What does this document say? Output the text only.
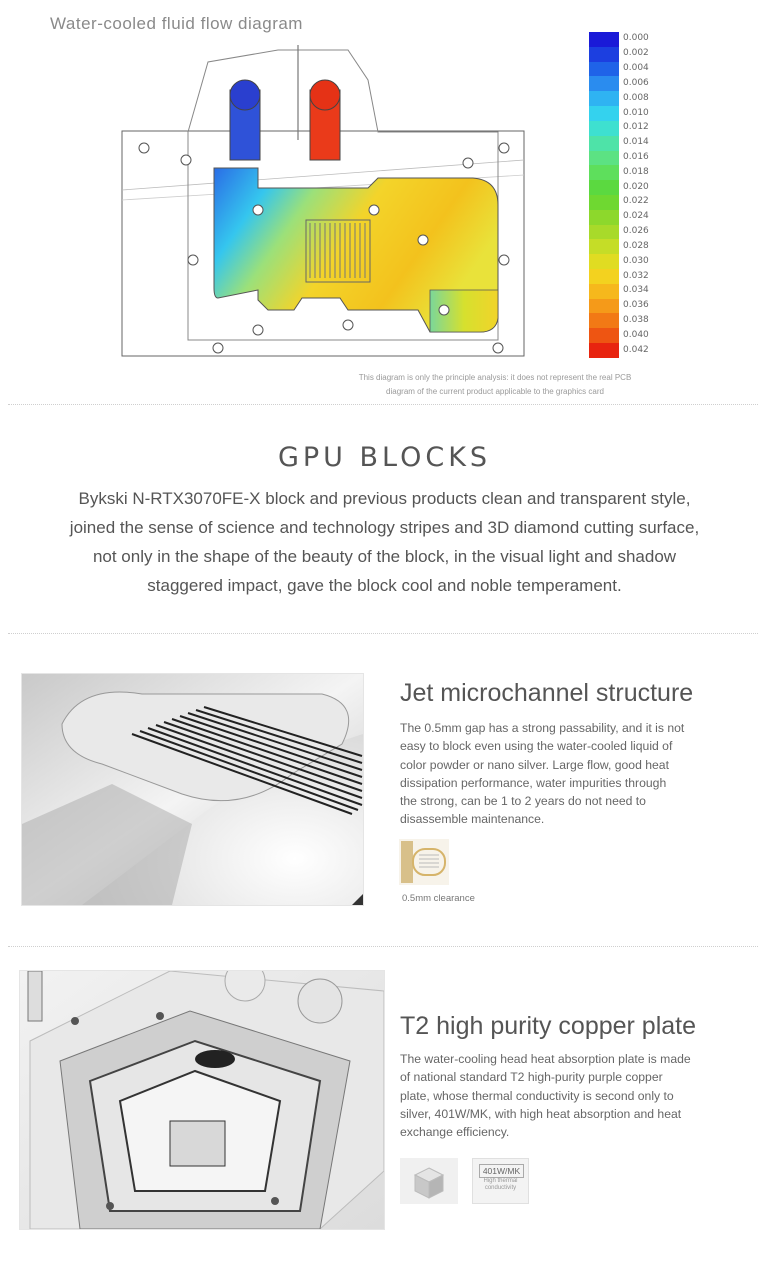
Water-cooled fluid flow diagram
0.000
0.002
0.004
0.006
0.008
0.010
0.012
0.014
0.016
0.018
0.020
0.022
0.024
0.026
0.028
0.030
0.032
0.034
0.036
0.038
0.040
0.042
This diagram is only the principle analysis: it does not represent the real PCB
diagram of the current product applicable to the graphics card
GPU BLOCKS
Bykski N-RTX3070FE-X block and previous products clean and transparent style,
joined the sense of science and technology stripes and 3D diamond cutting surface,
not only in the shape of the beauty of the block, in the visual light and shadow
staggered impact, gave the block cool and noble temperament.
Jet microchannel structure
The 0.5mm gap has a strong passability, and it is not
easy to block even using the water-cooled liquid of
color powder or nano silver. Large flow, good heat
dissipation performance, water impurities through
the strong, can be 1 to 2 years do not need to
disassemble maintenance.
0.5mm clearance
T2 high purity copper plate
The water-cooling head heat absorption plate is made
of national standard T2 high-purity purple copper
plate, whose thermal conductivity is second only to
silver, 401W/MK, with high heat absorption and heat
exchange efficiency.
401W/MK
High thermal
conductivity
